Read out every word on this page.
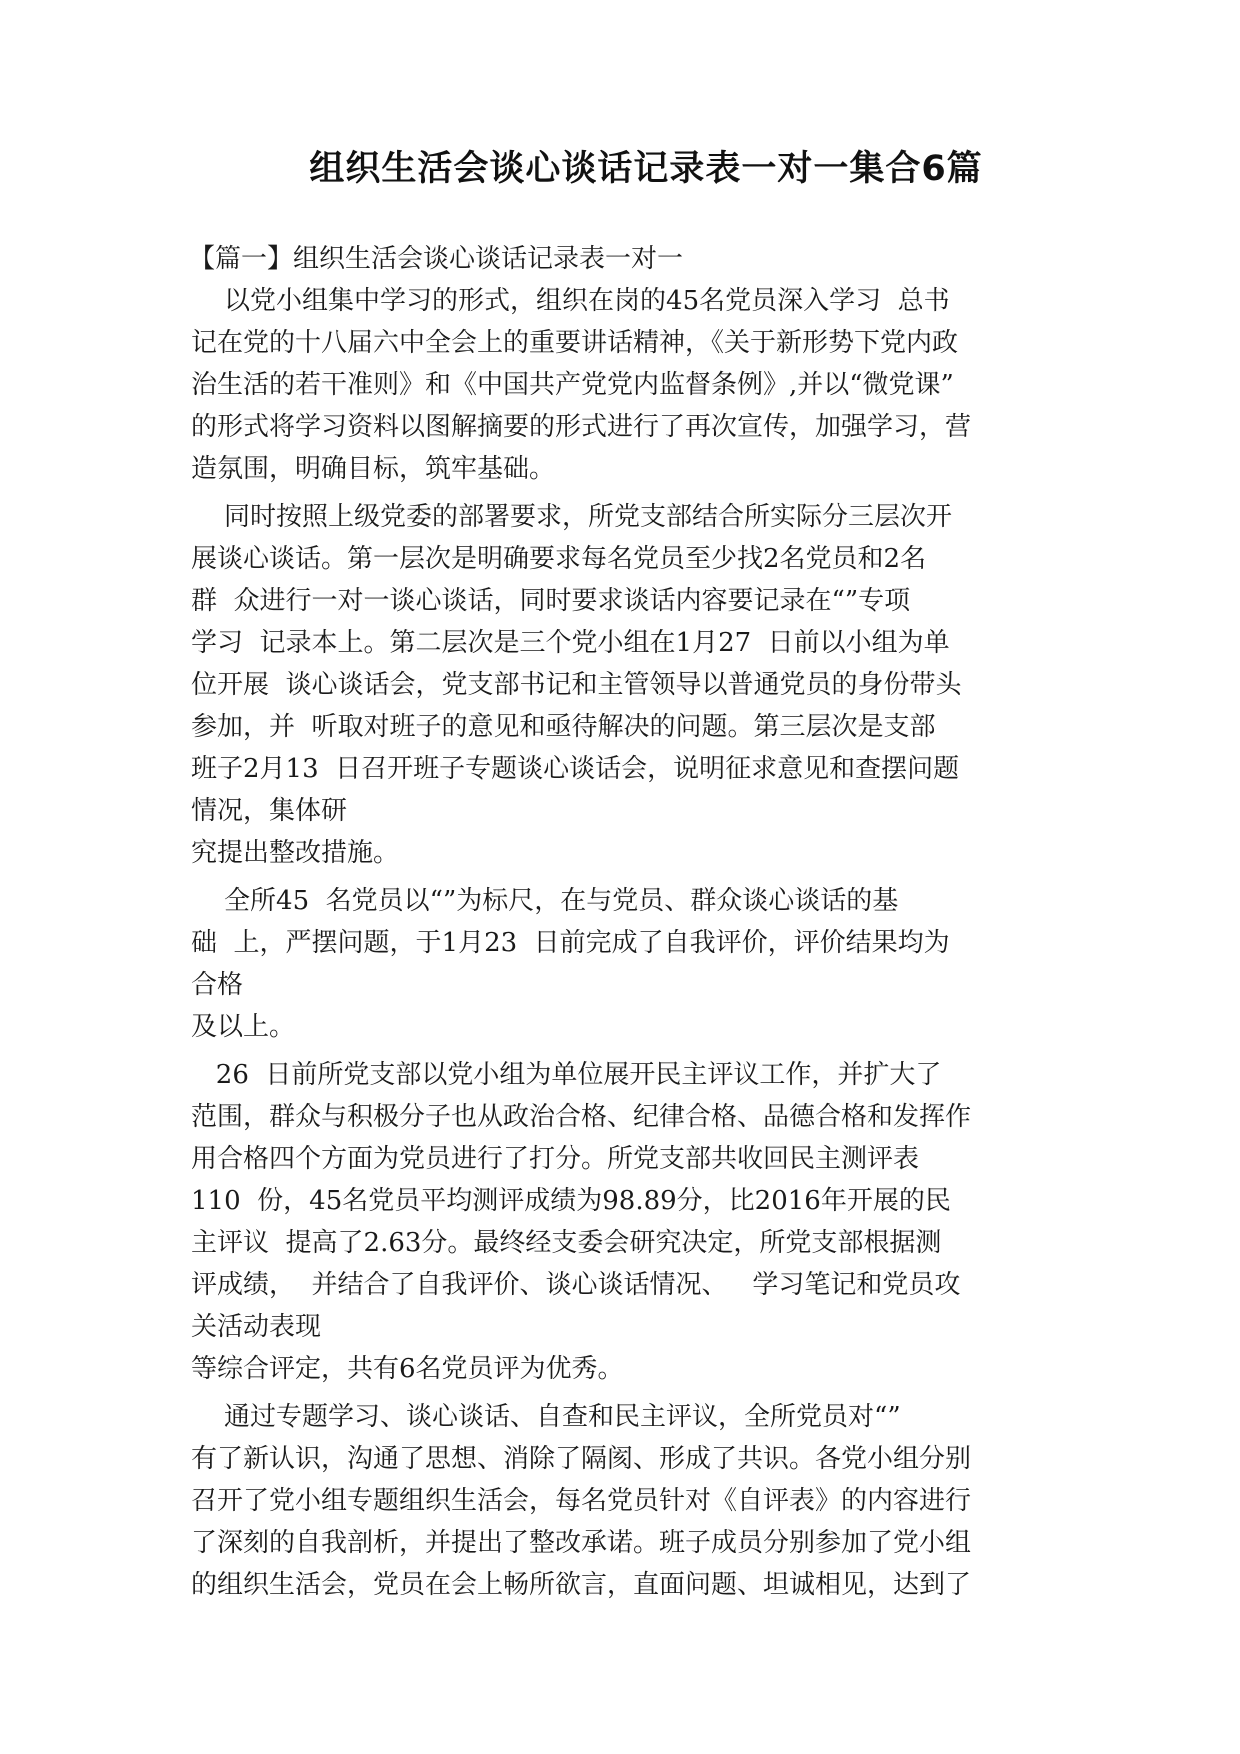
组织生活会谈心谈话记录表一对一集合6篇
【篇一】组织生活会谈心谈话记录表一对一
以党小组集中学习的形式，组织在岗的45名党员深入学习  总书
记在党的十八届六中全会上的重要讲话精神，《关于新形势下党内政
治生活的若干准则》和《中国共产党党内监督条例》,并以“微党课”
的形式将学习资料以图解摘要的形式进行了再次宣传，加强学习，营
造氛围，明确目标，筑牢基础。
同时按照上级党委的部署要求，所党支部结合所实际分三层次开
展谈心谈话。第一层次是明确要求每名党员至少找2名党员和2名
群  众进行一对一谈心谈话，同时要求谈话内容要记录在“”专项
学习  记录本上。第二层次是三个党小组在1月27  日前以小组为单
位开展  谈心谈话会，党支部书记和主管领导以普通党员的身份带头
参加，并  听取对班子的意见和亟待解决的问题。第三层次是支部
班子2月13  日召开班子专题谈心谈话会，说明征求意见和查摆问题
情况，集体研
究提出整改措施。
全所45  名党员以“”为标尺，在与党员、群众谈心谈话的基
础  上，严摆问题，于1月23  日前完成了自我评价，评价结果均为
合格
及以上。
26  日前所党支部以党小组为单位展开民主评议工作，并扩大了
范围，群众与积极分子也从政治合格、纪律合格、品德合格和发挥作
用合格四个方面为党员进行了打分。所党支部共收回民主测评表
110  份，45名党员平均测评成绩为98.89分，比2016年开展的民
主评议  提高了2.63分。最终经支委会研究决定，所党支部根据测
评成绩，  并结合了自我评价、谈心谈话情况、   学习笔记和党员攻
关活动表现
等综合评定，共有6名党员评为优秀。
通过专题学习、谈心谈话、自查和民主评议，全所党员对“”
有了新认识，沟通了思想、消除了隔阂、形成了共识。各党小组分别
召开了党小组专题组织生活会，每名党员针对《自评表》的内容进行
了深刻的自我剖析，并提出了整改承诺。班子成员分别参加了党小组
的组织生活会，党员在会上畅所欲言，直面问题、坦诚相见，达到了
